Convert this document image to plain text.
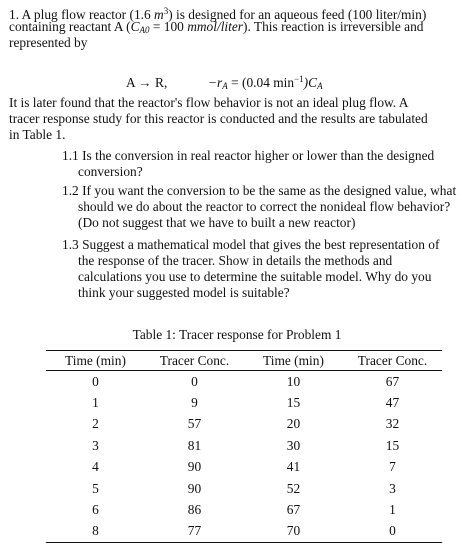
1. A plug flow reactor (1.6 $m^3$) is designed for an aqueous feed (100 liter/min)
containing reactant A ($C_{A0} = 100$ mmol/liter). This reaction is irreversible and
represented by
A → R,	$-r_A = (0.04$ $\min^{-1})C_A$
It is later found that the reactor's flow behavior is not an ideal plug flow. A
tracer response study for this reactor is conducted and the results are tabulated
in Table 1.
1.1 Is the conversion in real reactor higher or lower than the designed
conversion?
1.2 If you want the conversion to be the same as the designed value, what
should we do about the reactor to correct the nonideal flow behavior?
(Do not suggest that we have to built a new reactor)
1.3 Suggest a mathematical model that gives the best representation of
the response of the tracer. Show in details the methods and
calculations you use to determine the suitable model. Why do you
think your suggested model is suitable?
Table 1: Tracer response for Problem 1
Time (min)	Tracer Conc.	Time (min)	Tracer Conc.
0	0	10	67
1	9	15	47
2	57	20	32
3	81	30	15
4	90	41	7
5	90	52	3
6	86	67	1
8	77	70	0
